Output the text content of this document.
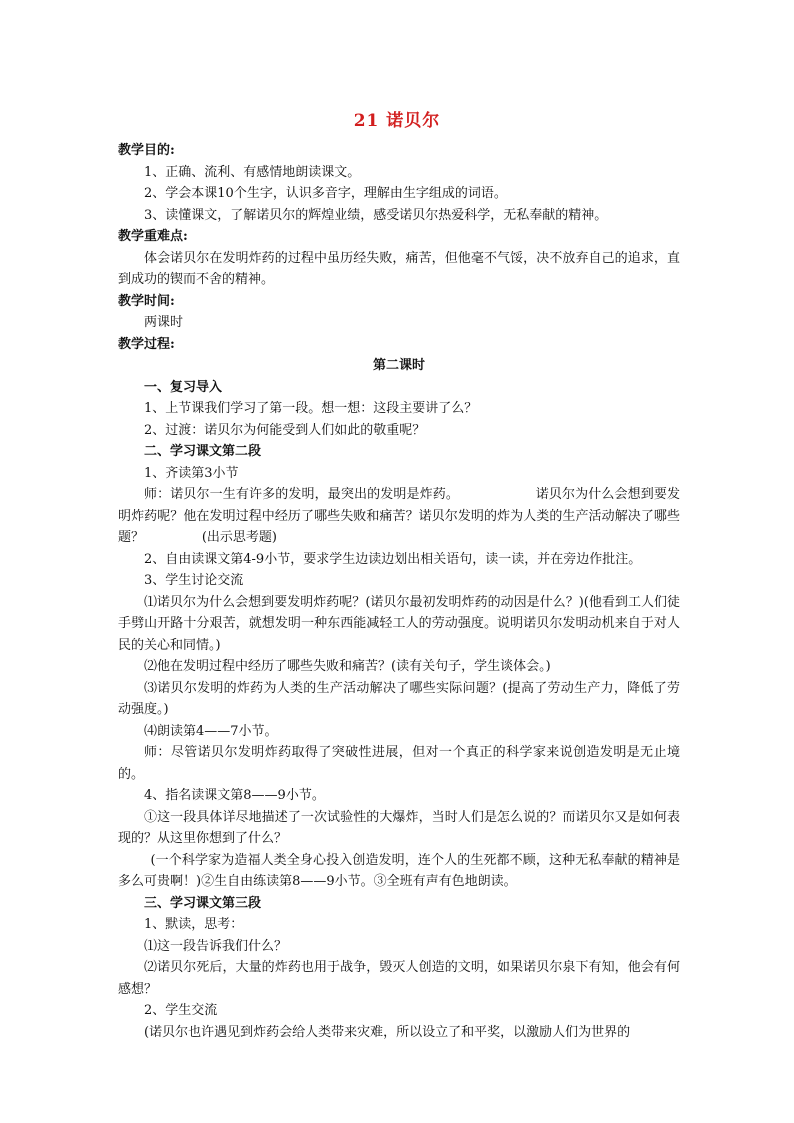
21 诺贝尔

教学目的:

1、正确、流利、有感情地朗读课文。

2、学会本课10个生字，认识多音字，理解由生字组成的词语。

3、读懂课文，了解诺贝尔的辉煌业绩，感受诺贝尔热爱科学，无私奉献的精神。

教学重难点:

体会诺贝尔在发明炸药的过程中虽历经失败，痛苦，但他毫不气馁，决不放弃自己的追求，直到成功的锲而不舍的精神。

教学时间:

两课时

教学过程:

第二课时

一、复习导入

1、上节课我们学习了第一段。想一想：这段主要讲了么？

2、过渡：诺贝尔为何能受到人们如此的敬重呢？

二、学习课文第二段

1、齐读第3小节

师：诺贝尔一生有许多的发明，最突出的发明是炸药。                  诺贝尔为什么会想到要发明炸药呢？他在发明过程中经历了哪些失败和痛苦？诺贝尔发明的炸为人类的生产活动解决了哪些题？              (出示思考题)

2、自由读课文第4-9小节，要求学生边读边划出相关语句，读一读，并在旁边作批注。

3、学生讨论交流

⑴诺贝尔为什么会想到要发明炸药呢？(诺贝尔最初发明炸药的动因是什么？)(他看到工人们徒手劈山开路十分艰苦，就想发明一种东西能减轻工人的劳动强度。说明诺贝尔发明动机来自于对人民的关心和同情。)

⑵他在发明过程中经历了哪些失败和痛苦？(读有关句子，学生谈体会。)

⑶诺贝尔发明的炸药为人类的生产活动解决了哪些实际问题？(提高了劳动生产力，降低了劳动强度。)

⑷朗读第4——7小节。

师：尽管诺贝尔发明炸药取得了突破性进展，但对一个真正的科学家来说创造发明是无止境的。

4、指名读课文第8——9小节。

①这一段具体详尽地描述了一次试验性的大爆炸，当时人们是怎么说的？而诺贝尔又是如何表现的？从这里你想到了什么？

(一个科学家为造福人类全身心投入创造发明，连个人的生死都不顾，这种无私奉献的精神是多么可贵啊！)②生自由练读第8——9小节。③全班有声有色地朗读。

三、学习课文第三段

1、默读，思考：

⑴这一段告诉我们什么？

⑵诺贝尔死后，大量的炸药也用于战争，毁灭人创造的文明，如果诺贝尔泉下有知，他会有何感想？

2、学生交流

(诺贝尔也许遇见到炸药会给人类带来灾难，所以设立了和平奖，以激励人们为世界的
